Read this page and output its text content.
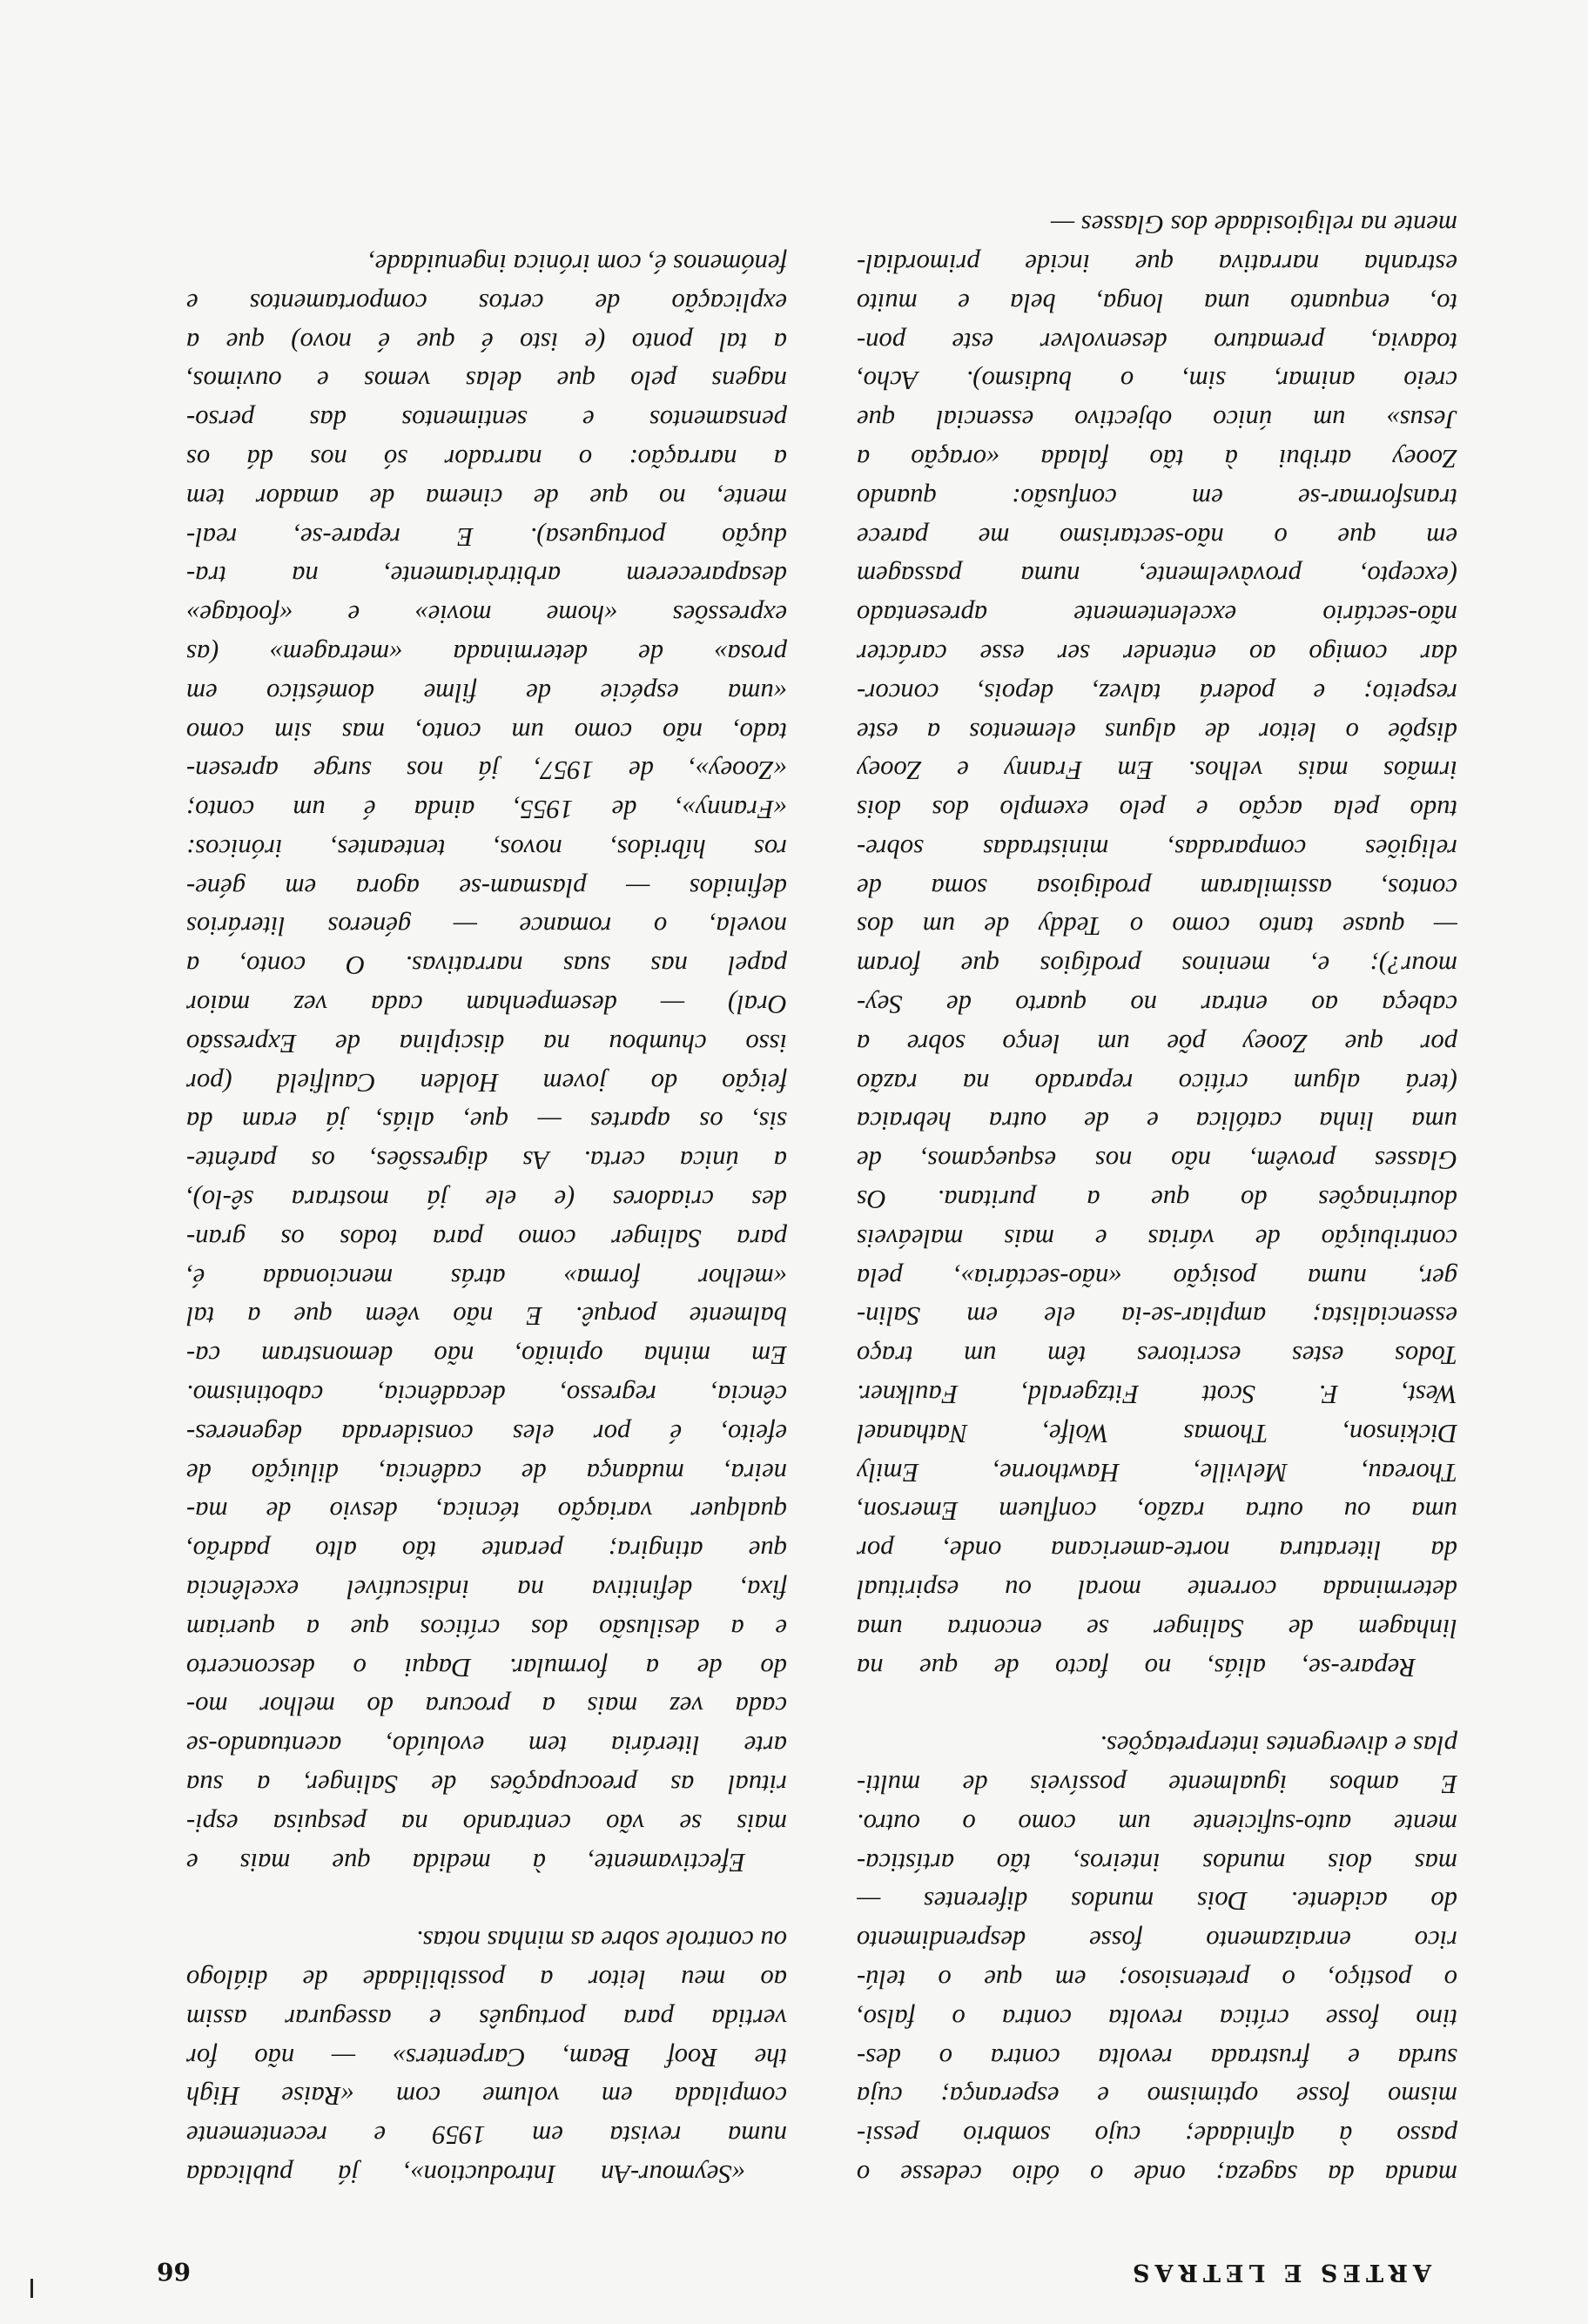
ARTES E LETRAS
66
manda da sageza; onde o ódio cedesse o
passo à afinidade; cujo sombrio pessi-
mismo fosse optimismo e esperança; cuja
surda e frustrada revolta contra o des-
tino fosse crítica revolta contra o falso,
o postiço, o pretensioso; em que o telú-
rico enraizamento fosse desprendimento
do acidente. Dois mundos diferentes —
mas dois mundos inteiros, tão artística-
mente auto-suficiente um como o outro.
E ambos igualmente possíveis de multi-
plas e divergentes interpretações.
Repare-se, aliás, no facto de que na
linhagem de Salinger se encontra uma
determinada corrente moral ou espiritual
da literatura norte-americana onde, por
uma ou outra razão, confluem Emerson,
Thoreau, Melville, Hawthorne, Emily
Dickinson, Thomas Wolfe, Nathanael
West, F. Scott Fitzgerald, Faulkner.
Todos estes escritores têm um traço
essencialista; ampliar-se-ia ele em Salin-
ger, numa posição «não-sectária», pela
contribuição de várias e mais maleáveis
doutrinações do que a puritana. Os
Glasses provêm, não nos esqueçamos, de
uma linha católica e de outra hebraica
(terá algum crítico reparado na razão
por que Zooey põe um lenço sobre a
cabeça ao entrar no quarto de Sey-
mour?); e, meninos prodígios que foram
— quase tanto como o Teddy de um dos
contos, assimilaram prodigiosa soma de
religiões comparadas, ministradas sobre-
tudo pela acção e pelo exemplo dos dois
irmãos mais velhos. Em Franny e Zooey
dispõe o leitor de alguns elementos a este
respeito; e poderá talvez, depois, concor-
dar comigo ao entender ser esse carácter
não-sectário excelentemente apresentado
(excepto, provàvelmente, numa passagem
em que o não-sectarismo me parece
transformar-se em confusão: quando
Zooey atribui à tão falada «oração a
Jesus» um único objectivo essencial que
creio animar, sim, o budismo). Acho,
todavia, prematuro desenvolver este pon-
to, enquanto uma longa, bela e muito
estranha narrativa que incide primordial-
mente na religiosidade dos Glasses —
«Seymour-An Introduction», já publicada
numa revista em 1959 e recentemente
compilada em volume com «Raise High
the Roof Beam, Carpenters» — não for
vertida para português e assegurar assim
ao meu leitor a possibilidade de diálogo
ou controle sobre as minhas notas.
Efectivamente, à medida que mais e
mais se vão centrando na pesquisa espi-
ritual as preocupações de Salinger, a sua
arte literária tem evoluído, acentuando-se
cada vez mais a procura do melhor mo-
do de a formular. Daqui o desconcerto
e a desilusão dos críticos que a queriam
fixa, definitiva na indiscutível excelência
que atingira; perante tão alto padrão,
qualquer variação técnica, desvio de ma-
neira, mudança de cadência, diluição de
efeito, é por eles considerada degeneres-
cência, regresso, decadência, cabotinismo.
Em minha opinião, não demonstram ca-
balmente porquê. E não vêem que a tal
«melhor forma» atrás mencionada é,
para Salinger como para todos os gran-
des criadores (e ele já mostrara sê-lo),
a única certa. As digressões, os parênte-
sis, os apartes — que, aliás, já eram da
feição do jovem Holden Caulfield (por
isso chumbou na disciplina de Expressão
Oral) — desempenham cada vez maior
papel nas suas narrativas. O conto, a
novela, o romance — géneros literários
definidos — plasmam-se agora em géne-
ros híbridos, novos, tenteantes, irónicos:
«Franny», de 1955, ainda é um conto;
«Zooey», de 1957, já nos surge apresen-
tado, não como um conto, mas sim como
«uma espécie de filme doméstico em
prosa» de determinada «metragem» (as
expressões «home movie» e «footage»
desaparecerem arbitràriamente, na tra-
dução portuguesa). E repare-se, real-
mente, no que de cinema de amador tem
a narração: o narrador só nos dá os
pensamentos e sentimentos das perso-
nagens pelo que delas vemos e ouvimos,
a tal ponto (e isto é que é novo) que a
explicação de certos comportamentos e
fenómenos é, com irónica ingenuidade,
